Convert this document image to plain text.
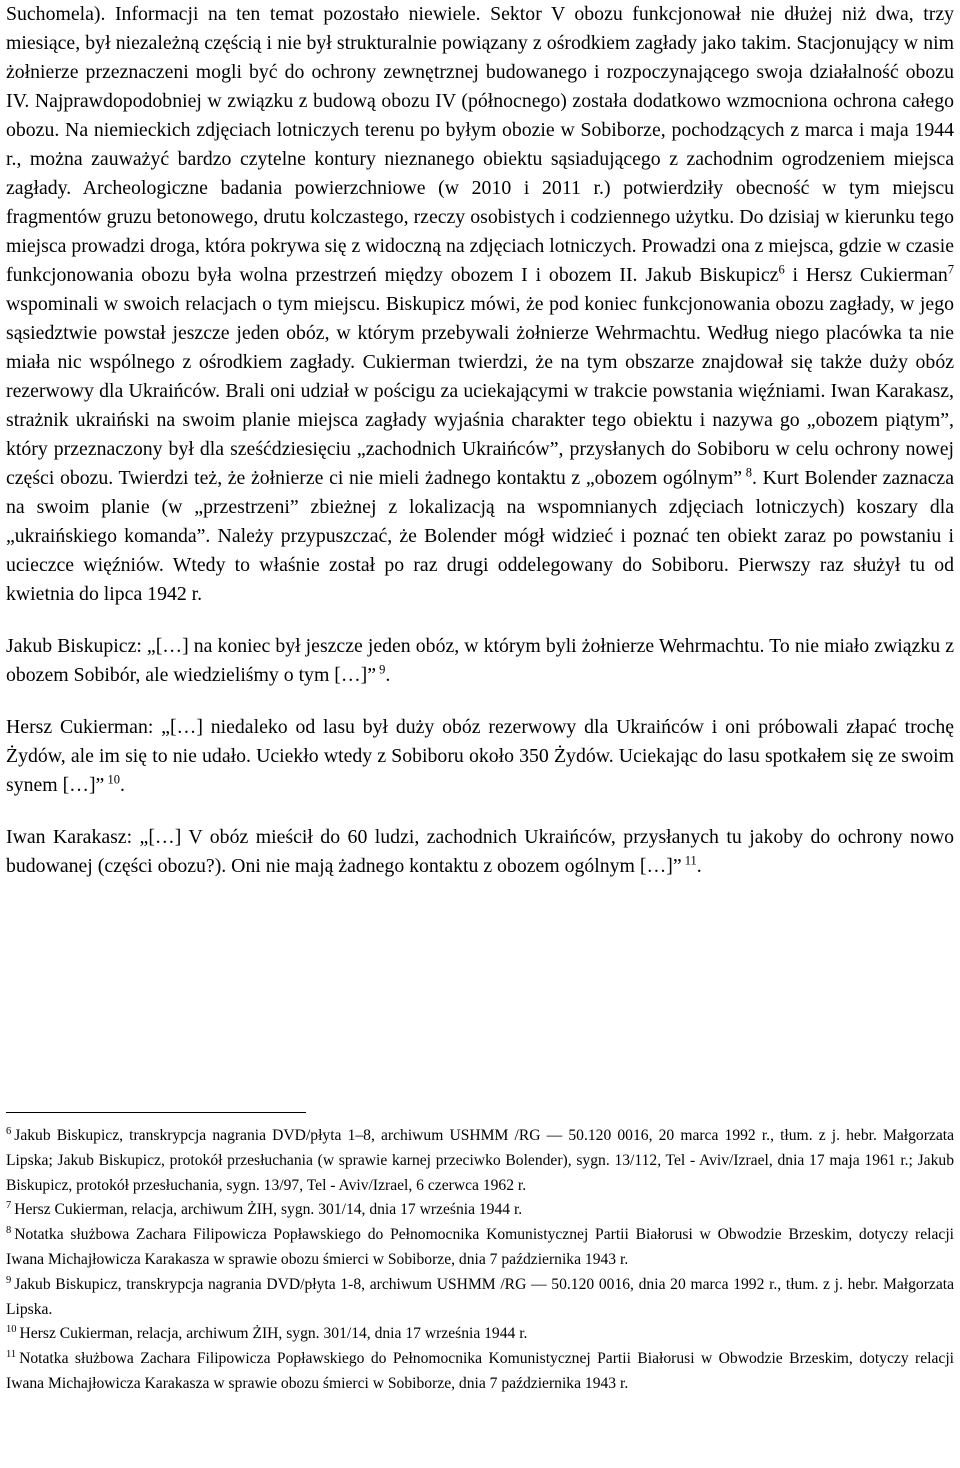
Suchomela). Informacji na ten temat pozostało niewiele. Sektor V obozu funkcjonował nie dłużej niż dwa, trzy miesiące, był niezależną częścią i nie był strukturalnie powiązany z ośrodkiem zagłady jako takim. Stacjonujący w nim żołnierze przeznaczeni mogli być do ochrony zewnętrznej budowanego i rozpoczynającego swoja działalność obozu IV. Najprawdopodobniej w związku z budową obozu IV (północnego) została dodatkowo wzmocniona ochrona całego obozu. Na niemieckich zdjęciach lotniczych terenu po byłym obozie w Sobiborze, pochodzących z marca i maja 1944 r., można zauważyć bardzo czytelne kontury nieznanego obiektu sąsiadującego z zachodnim ogrodzeniem miejsca zagłady. Archeologiczne badania powierzchniowe (w 2010 i 2011 r.) potwierdziły obecność w tym miejscu fragmentów gruzu betonowego, drutu kolczastego, rzeczy osobistych i codziennego użytku. Do dzisiaj w kierunku tego miejsca prowadzi droga, która pokrywa się z widoczną na zdjęciach lotniczych. Prowadzi ona z miejsca, gdzie w czasie funkcjonowania obozu była wolna przestrzeń między obozem I i obozem II. Jakub Biskupicz$^6$ i Hersz Cukierman$^7$ wspominali w swoich relacjach o tym miejscu. Biskupicz mówi, że pod koniec funkcjonowania obozu zagłady, w jego sąsiedztwie powstał jeszcze jeden obóz, w którym przebywali żołnierze Wehrmachtu. Według niego placówka ta nie miała nic wspólnego z ośrodkiem zagłady. Cukierman twierdzi, że na tym obszarze znajdował się także duży obóz rezerwowy dla Ukraińców. Brali oni udział w pościgu za uciekającymi w trakcie powstania więźniami. Iwan Karakasz, strażnik ukraiński na swoim planie miejsca zagłady wyjaśnia charakter tego obiektu i nazywa go „obozem piątym”, który przeznaczony był dla sześćdziesięciu „zachodnich Ukraińców”, przysłanych do Sobiboru w celu ochrony nowej części obozu. Twierdzi też, że żołnierze ci nie mieli żadnego kontaktu z „obozem ogólnym” $^8$. Kurt Bolender zaznacza na swoim planie (w „przestrzeni” zbieżnej z lokalizacją na wspomnianych zdjęciach lotniczych) koszary dla „ukraińskiego komanda”. Należy przypuszczać, że Bolender mógł widzieć i poznać ten obiekt zaraz po powstaniu i ucieczce więźniów. Wtedy to właśnie został po raz drugi oddelegowany do Sobiboru. Pierwszy raz służył tu od kwietnia do lipca 1942 r.

Jakub Biskupicz: „[…] na koniec był jeszcze jeden obóz, w którym byli żołnierze Wehrmachtu. To nie miało związku z obozem Sobibór, ale wiedzieliśmy o tym […]” $^9$.

Hersz Cukierman: „[…] niedaleko od lasu był duży obóz rezerwowy dla Ukraińców i oni próbowali złapać trochę Żydów, ale im się to nie udało. Uciekło wtedy z Sobiboru około 350 Żydów. Uciekając do lasu spotkałem się ze swoim synem […]” $^{10}$.

Iwan Karakasz: „[…] V obóz mieścił do 60 ludzi, zachodnich Ukraińców, przysłanych tu jakoby do ochrony nowo budowanej (części obozu?). Oni nie mają żadnego kontaktu z obozem ogólnym […]” $^{11}$.

$^6$ Jakub Biskupicz, transkrypcja nagrania DVD/płyta 1–8, archiwum USHMM /RG — 50.120 0016, 20 marca 1992 r., tłum. z j. hebr. Małgorzata Lipska; Jakub Biskupicz, protokół przesłuchania (w sprawie karnej przeciwko Bolender), sygn. 13/112, Tel - Aviv/Izrael, dnia 17 maja 1961 r.; Jakub Biskupicz, protokół przesłuchania, sygn. 13/97, Tel - Aviv/Izrael, 6 czerwca 1962 r.

$^7$ Hersz Cukierman, relacja, archiwum ŻIH, sygn. 301/14, dnia 17 września 1944 r.

$^8$ Notatka służbowa Zachara Filipowicza Popławskiego do Pełnomocnika Komunistycznej Partii Białorusi w Obwodzie Brzeskim, dotyczy relacji Iwana Michajłowicza Karakasza w sprawie obozu śmierci w Sobiborze, dnia 7 października 1943 r.

$^9$ Jakub Biskupicz, transkrypcja nagrania DVD/płyta 1-8, archiwum USHMM /RG — 50.120 0016, dnia 20 marca 1992 r., tłum. z j. hebr. Małgorzata Lipska.

$^{10}$ Hersz Cukierman, relacja, archiwum ŻIH, sygn. 301/14, dnia 17 września 1944 r.

$^{11}$ Notatka służbowa Zachara Filipowicza Popławskiego do Pełnomocnika Komunistycznej Partii Białorusi w Obwodzie Brzeskim, dotyczy relacji Iwana Michajłowicza Karakasza w sprawie obozu śmierci w Sobiborze, dnia 7 października 1943 r.
